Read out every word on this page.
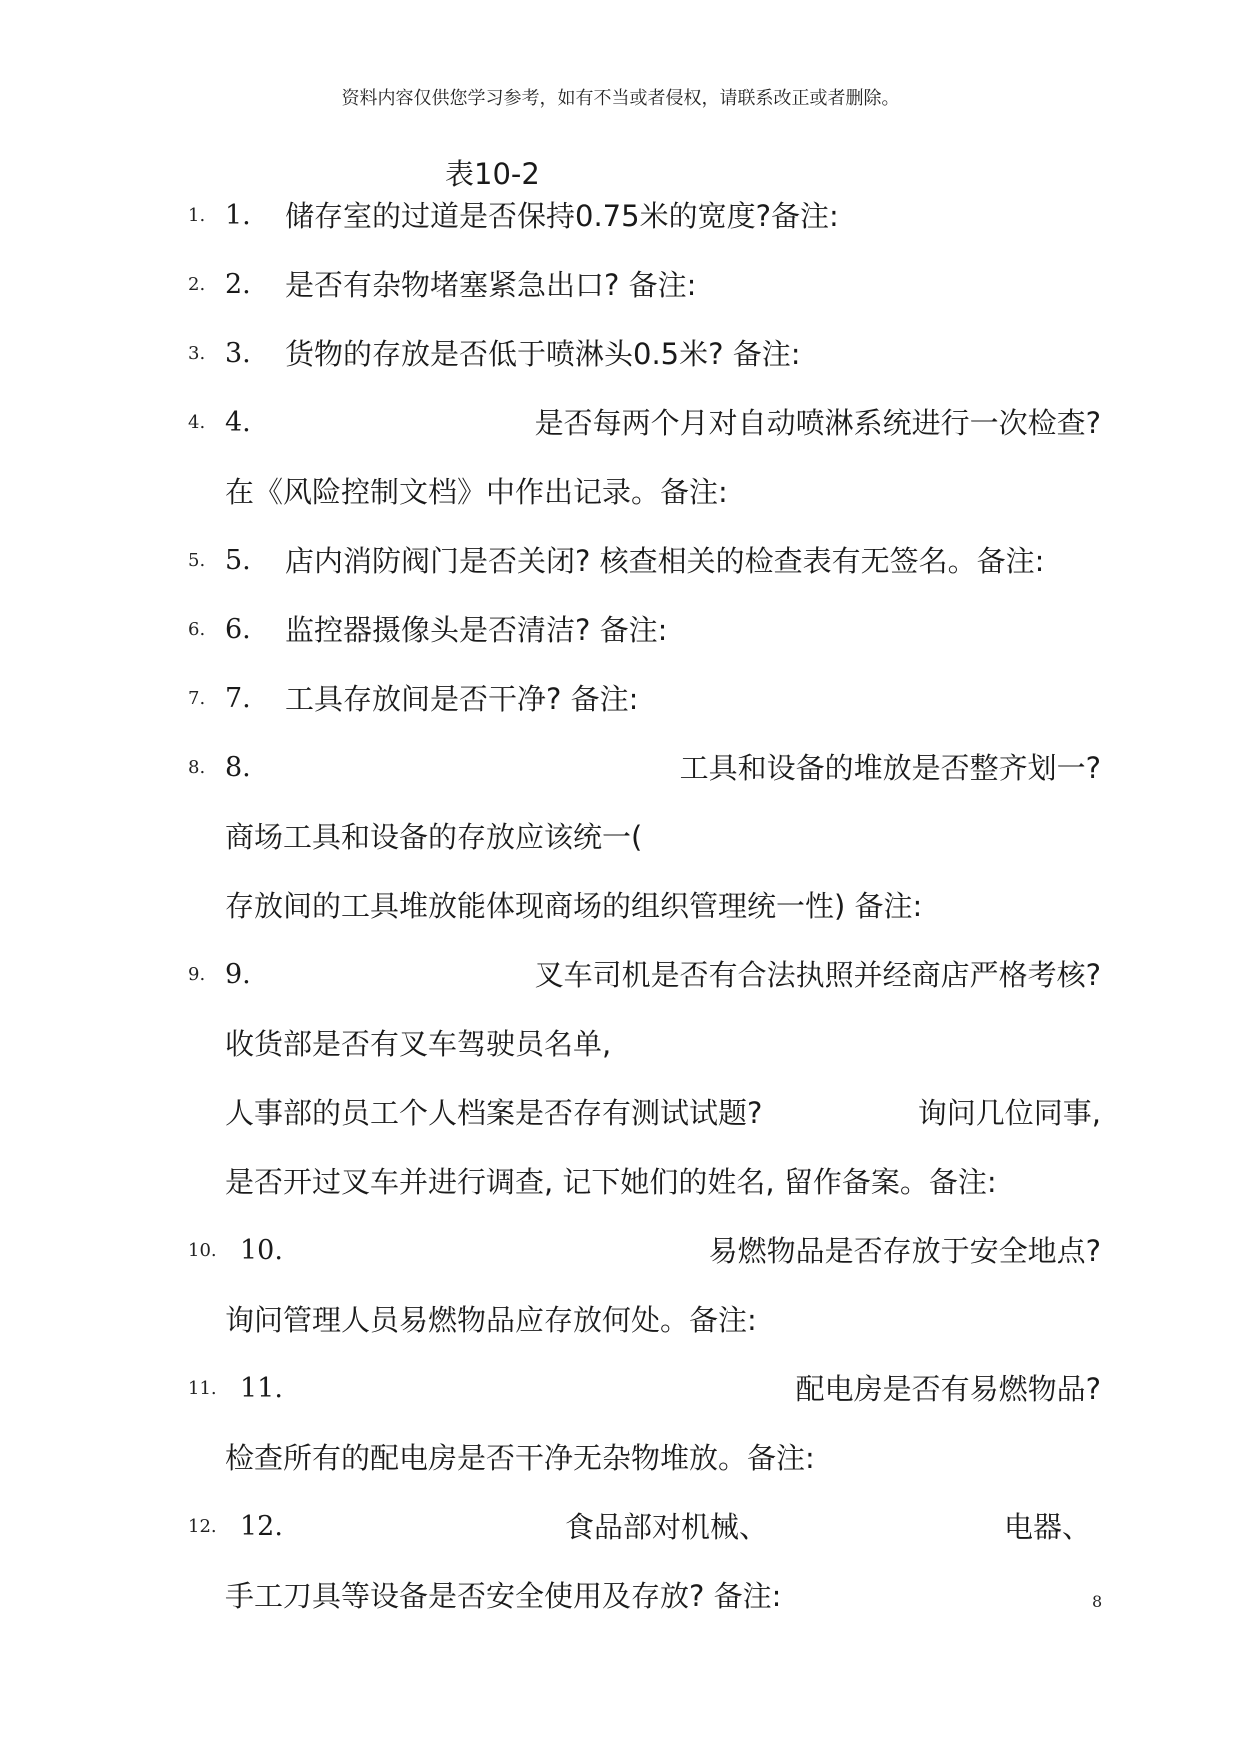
资料内容仅供您学习参考，如有不当或者侵权，请联系改正或者删除。
表10-2
1. 1. 储存室的过道是否保持0.75米的宽度?备注:
2. 2. 是否有杂物堵塞紧急出口? 备注:
3. 3. 货物的存放是否低于喷淋头0.5米? 备注:
4. 4.	是否每两个月对自动喷淋系统进行一次检查?
在《风险控制文档》中作出记录。备注:
5. 5. 店内消防阀门是否关闭? 核查相关的检查表有无签名。备注:
6. 6. 监控器摄像头是否清洁? 备注:
7. 7. 工具存放间是否干净? 备注:
8. 8.	工具和设备的堆放是否整齐划一?
商场工具和设备的存放应该统一(
存放间的工具堆放能体现商场的组织管理统一性) 备注:
9. 9.	叉车司机是否有合法执照并经商店严格考核?
收货部是否有叉车驾驶员名单,
人事部的员工个人档案是否存有测试试题?	询问几位同事,
是否开过叉车并进行调查, 记下她们的姓名, 留作备案。备注:
10. 10.	易燃物品是否存放于安全地点?
询问管理人员易燃物品应存放何处。备注:
11. 11.	配电房是否有易燃物品?
检查所有的配电房是否干净无杂物堆放。备注:
12. 12.	食品部对机械、	电器、
手工刀具等设备是否安全使用及存放? 备注:	8
